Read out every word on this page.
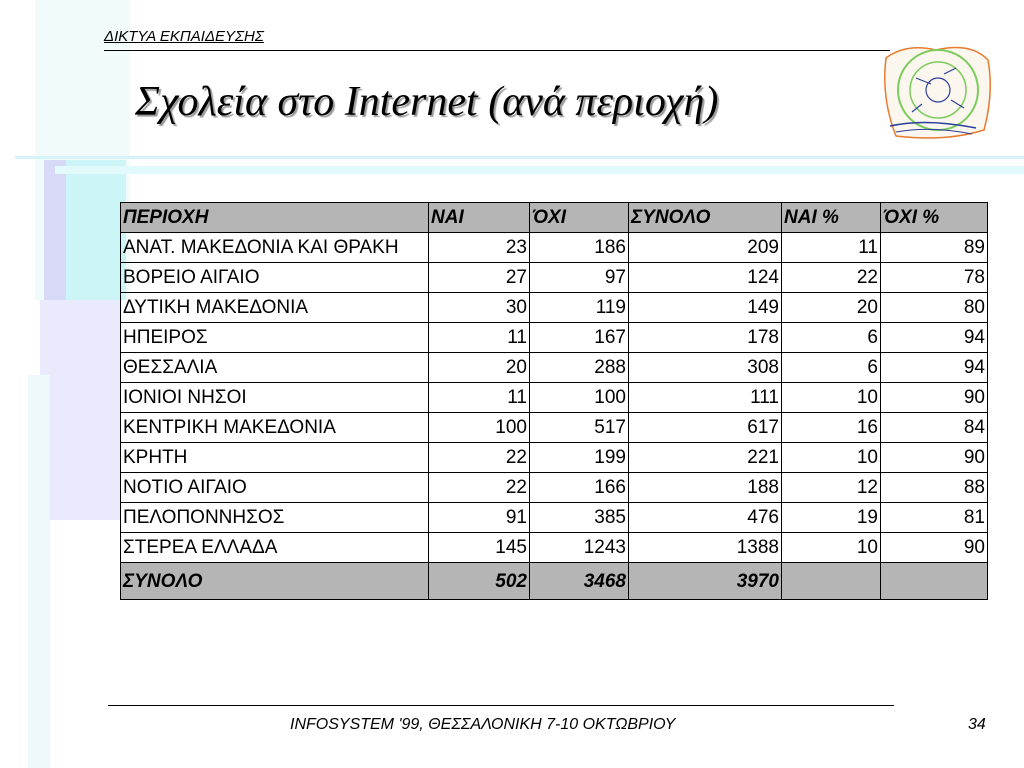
ΔΙΚΤΥΑ ΕΚΠΑΙΔΕΥΣΗΣ
Σχολεία στο Internet (ανά περιοχή)
ΠΕΡΙΟΧΗ	ΝΑΙ	ΌΧΙ	ΣΥΝΟΛΟ	ΝΑΙ %	ΌΧΙ %
ΑΝΑΤ. ΜΑΚΕΔΟΝΙΑ ΚΑΙ ΘΡΑΚΗ	23	186	209	11	89
ΒΟΡΕΙΟ ΑΙΓΑΙΟ	27	97	124	22	78
ΔΥΤΙΚΗ ΜΑΚΕΔΟΝΙΑ	30	119	149	20	80
ΗΠΕΙΡΟΣ	11	167	178	6	94
ΘΕΣΣΑΛΙΑ	20	288	308	6	94
ΙΟΝΙΟΙ ΝΗΣΟΙ	11	100	111	10	90
ΚΕΝΤΡΙΚΗ ΜΑΚΕΔΟΝΙΑ	100	517	617	16	84
ΚΡΗΤΗ	22	199	221	10	90
ΝΟΤΙΟ ΑΙΓΑΙΟ	22	166	188	12	88
ΠΕΛΟΠΟΝΝΗΣΟΣ	91	385	476	19	81
ΣΤΕΡΕΑ ΕΛΛΑΔΑ	145	1243	1388	10	90
ΣΥΝΟΛΟ	502	3468	3970		
INFOSYSTEM '99, ΘΕΣΣΑΛΟΝΙΚΗ 7-10 ΟΚΤΩΒΡΙΟΥ	34
